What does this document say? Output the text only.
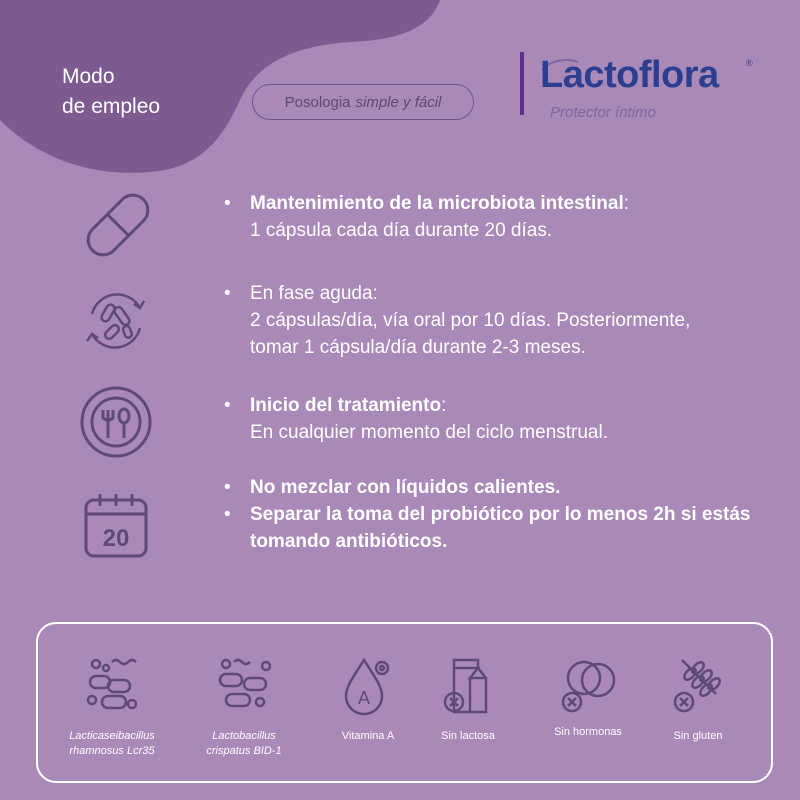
Modo
de empleo	Posologia simple y fácil
Lactoflora	®
Protector íntimo
20
•	Mantenimiento de la microbiota intestinal:
1 cápsula cada día durante 20 días.
•	En fase aguda:
2 cápsulas/día, vía oral por 10 días. Posteriormente,
tomar 1 cápsula/día durante 2-3 meses.
•	Inicio del tratamiento:
En cualquier momento del ciclo menstrual.
•	No mezclar con líquidos calientes.
•	Separar la toma del probiótico por lo menos 2h si estás tomando antibióticos.
Lacticaseibacillus
rhamnosus Lcr35
Lactobacillus
crispatus BID-1
A
Vitamina A	Sin lactosa	Sin hormonas	Sin gluten
